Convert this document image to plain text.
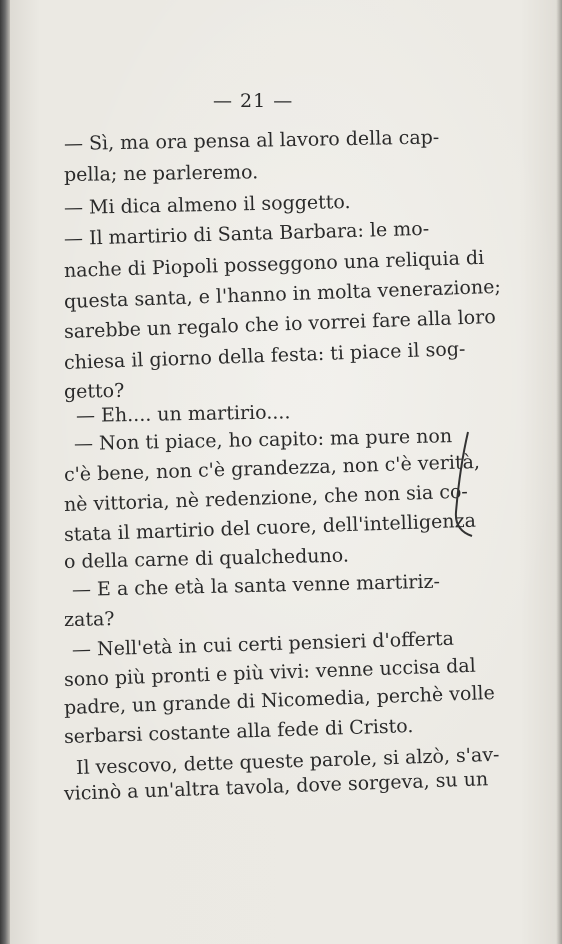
— 21 —
— Sì, ma ora pensa al lavoro della cap-
pella; ne parleremo.
— Mi dica almeno il soggetto.
— Il martirio di Santa Barbara: le mo-
nache di Piopoli posseggono una reliquia di
questa santa, e l'hanno in molta venerazione;
sarebbe un regalo che io vorrei fare alla loro
chiesa il giorno della festa: ti piace il sog-
getto?
— Eh.... un martirio....
— Non ti piace, ho capito: ma pure non
c'è bene, non c'è grandezza, non c'è verità,
nè vittoria, nè redenzione, che non sia co-
stata il martirio del cuore, dell'intelligenza
o della carne di qualcheduno.
— E a che età la santa venne martiriz-
zata?
— Nell'età in cui certi pensieri d'offerta
sono più pronti e più vivi: venne uccisa dal
padre, un grande di Nicomedia, perchè volle
serbarsi costante alla fede di Cristo.
Il vescovo, dette queste parole, si alzò, s'av-
vicinò a un'altra tavola, dove sorgeva, su un
